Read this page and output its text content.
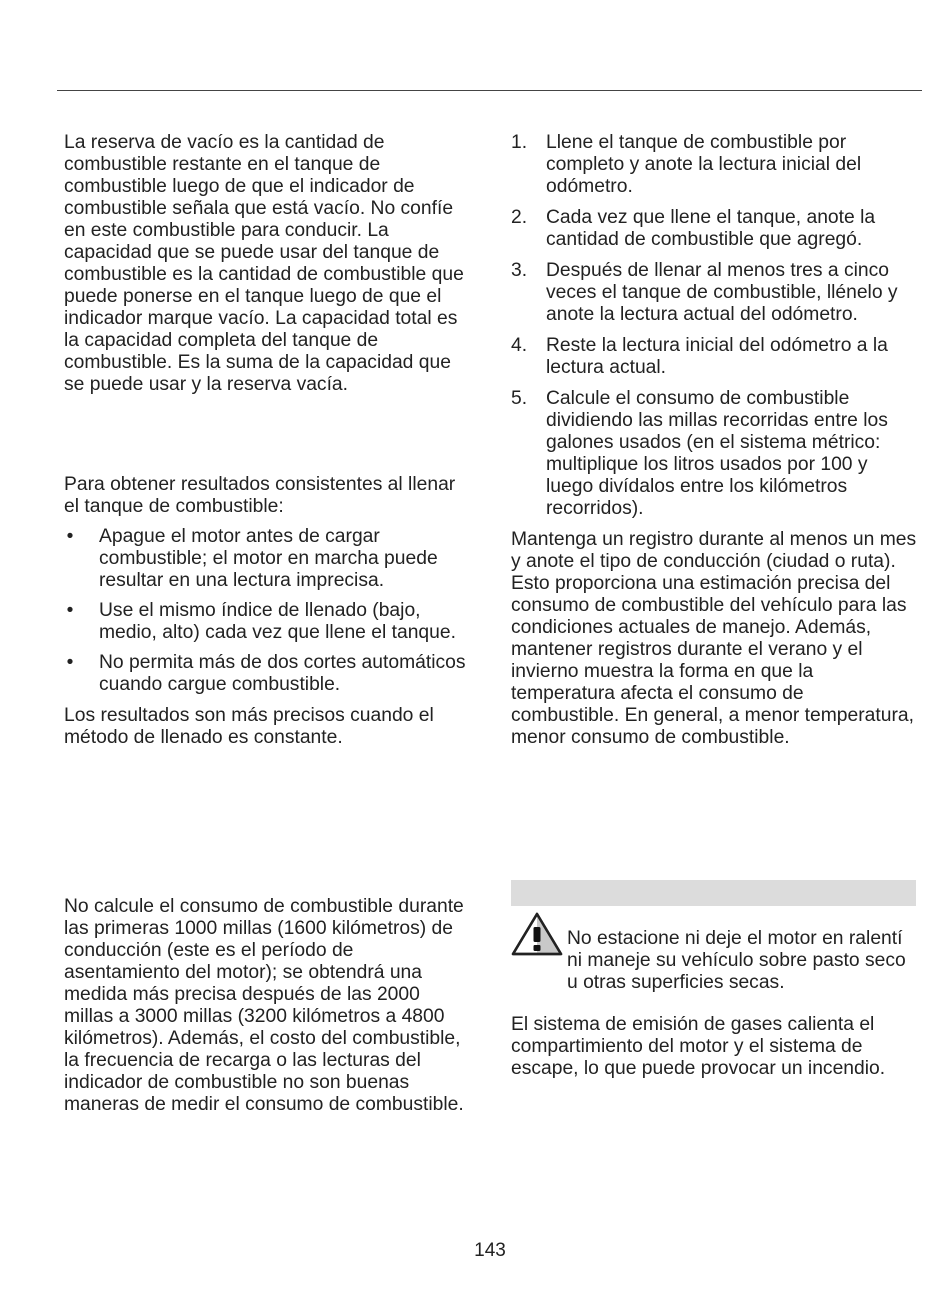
La reserva de vacío es la cantidad de combustible restante en el tanque de combustible luego de que el indicador de combustible señala que está vacío. No confíe en este combustible para conducir. La capacidad que se puede usar del tanque de combustible es la cantidad de combustible que puede ponerse en el tanque luego de que el indicador marque vacío. La capacidad total es la capacidad completa del tanque de combustible. Es la suma de la capacidad que se puede usar y la reserva vacía.

Para obtener resultados consistentes al llenar el tanque de combustible:

• Apague el motor antes de cargar combustible; el motor en marcha puede resultar en una lectura imprecisa.
• Use el mismo índice de llenado (bajo, medio, alto) cada vez que llene el tanque.
• No permita más de dos cortes automáticos cuando cargue combustible.

Los resultados son más precisos cuando el método de llenado es constante.

No calcule el consumo de combustible durante las primeras 1000 millas (1600 kilómetros) de conducción (este es el período de asentamiento del motor); se obtendrá una medida más precisa después de las 2000 millas a 3000 millas (3200 kilómetros a 4800 kilómetros). Además, el costo del combustible, la frecuencia de recarga o las lecturas del indicador de combustible no son buenas maneras de medir el consumo de combustible.

1. Llene el tanque de combustible por completo y anote la lectura inicial del odómetro.
2. Cada vez que llene el tanque, anote la cantidad de combustible que agregó.
3. Después de llenar al menos tres a cinco veces el tanque de combustible, llénelo y anote la lectura actual del odómetro.
4. Reste la lectura inicial del odómetro a la lectura actual.
5. Calcule el consumo de combustible dividiendo las millas recorridas entre los galones usados (en el sistema métrico: multiplique los litros usados por 100 y luego divídalos entre los kilómetros recorridos).

Mantenga un registro durante al menos un mes y anote el tipo de conducción (ciudad o ruta). Esto proporciona una estimación precisa del consumo de combustible del vehículo para las condiciones actuales de manejo. Además, mantener registros durante el verano y el invierno muestra la forma en que la temperatura afecta el consumo de combustible. En general, a menor temperatura, menor consumo de combustible.

No estacione ni deje el motor en ralentí ni maneje su vehículo sobre pasto seco u otras superficies secas.

El sistema de emisión de gases calienta el compartimiento del motor y el sistema de escape, lo que puede provocar un incendio.

143
